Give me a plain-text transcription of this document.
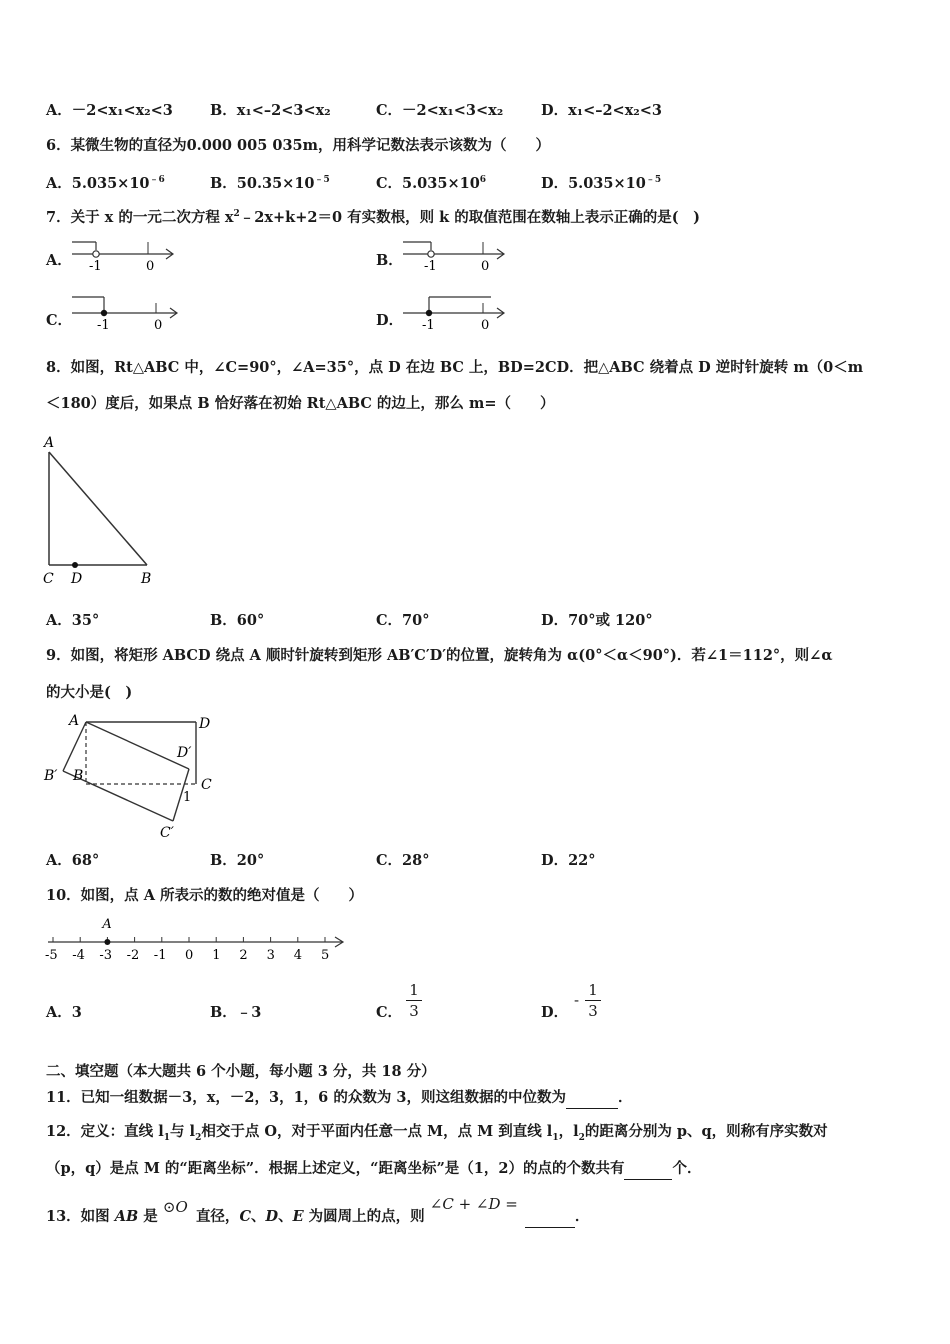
A．－2<x₁<x₂<3	B．x₁<–2<3<x₂	C．－2<x₁<3<x₂	D．x₁<–2<x₂<3
6．某微生物的直径为0.000 005 035m，用科学记数法表示该数为（　　）
A．$5.035\times 10^{﹣6}$	B．$50.35\times 10^{﹣5}$	C．$5.035\times 10^6$	D．$5.035\times 10^{﹣5}$
7．关于 x 的一元二次方程 $x^2﹣2x+k+2=0$ 有实数根，则 k 的取值范围在数轴上表示正确的是(　)
A． -1	0	B． -1	0
C． -1	0	D． -1	0
8．如图，Rt△ABC 中，∠C=90°，∠A=35°，点 D 在边 BC 上，BD=2CD．把△ABC 绕着点 D 逆时针旋转 m（0＜m
＜180）度后，如果点 B 恰好落在初始 Rt△ABC 的边上，那么 m=（　　）
A
C D	B
A．35°	B．60°	C．70°	D．70°或 120°
9．如图，将矩形 ABCD 绕点 A 顺时针旋转到矩形 AB′C′D′的位置，旋转角为 α(0°＜α＜90°)．若∠1＝112°，则∠α
的大小是(　)
A	D
D′
B′ B
C
1
C′
A．68°	B．20°	C．28°	D．22°
10．如图，点 A 所表示的数的绝对值是（　　）
-5 -4 -3 -2 -1 0 1 2 3 4 5
A
A．3	B．﹣3	C．
1
3	D．
-
1
3
二、填空题（本大题共 6 个小题，每小题 3 分，共 18 分）
11．已知一组数据－3，x，－2，3，1，6 的众数为 3，则这组数据的中位数为	．
12．定义：直线 $l_1$与 $l_2$相交于点 O，对于平面内任意一点 M，点 M 到直线 $l_1$，$l_2$的距离分别为 p、q，则称有序实数对
（p，q）是点 M 的“距离坐标”．根据上述定义，“距离坐标”是（1，2）的点的个数共有	个．
13．如图 AB 是 ⊙O 直径，C、D、E 为圆周上的点，则 ∠C + ∠D =  ．
